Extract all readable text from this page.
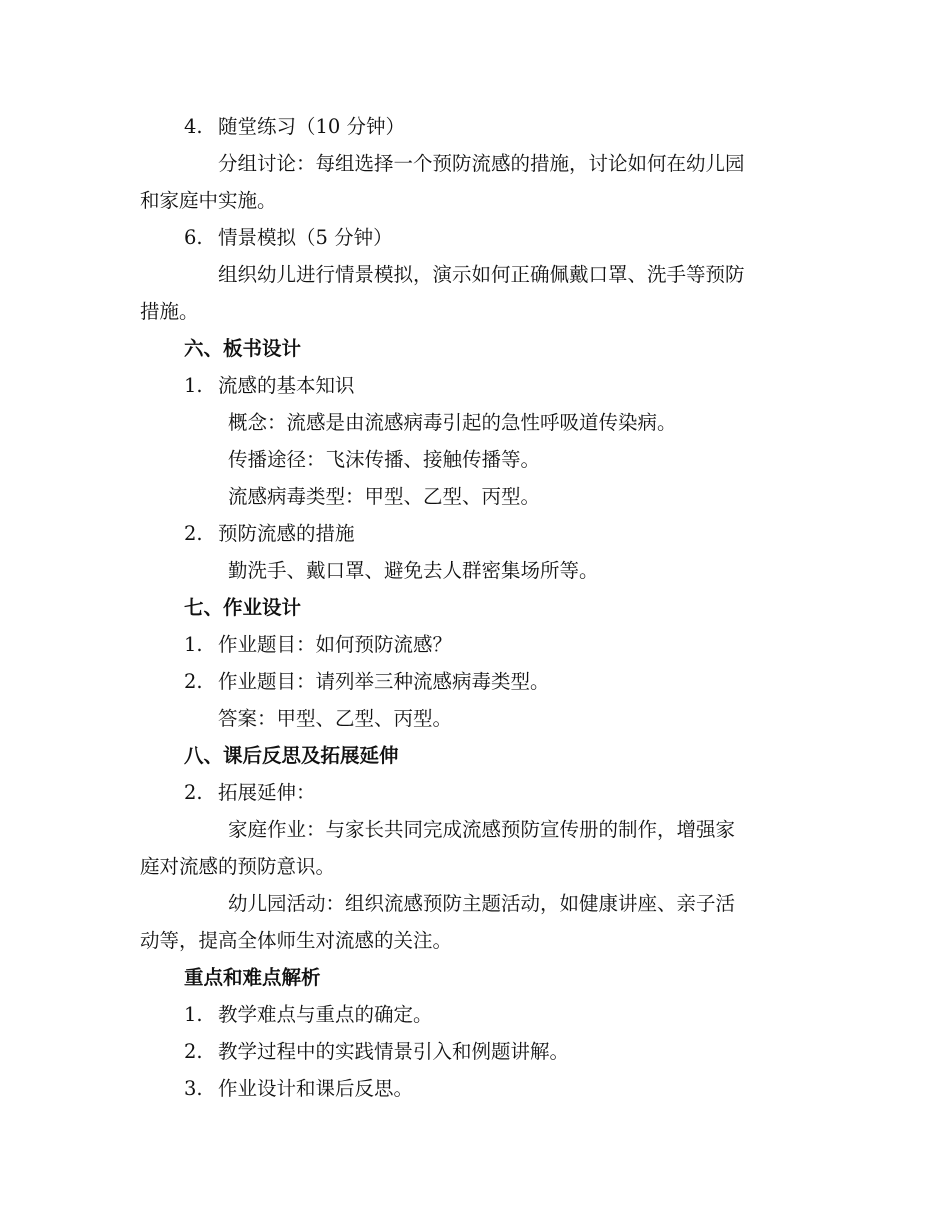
4. 随堂练习（10 分钟）
分组讨论：每组选择一个预防流感的措施，讨论如何在幼儿园
和家庭中实施。
6. 情景模拟（5 分钟）
组织幼儿进行情景模拟，演示如何正确佩戴口罩、洗手等预防
措施。
六、板书设计
1. 流感的基本知识
概念：流感是由流感病毒引起的急性呼吸道传染病。
传播途径：飞沫传播、接触传播等。
流感病毒类型：甲型、乙型、丙型。
2. 预防流感的措施
勤洗手、戴口罩、避免去人群密集场所等。
七、作业设计
1. 作业题目：如何预防流感？
2. 作业题目：请列举三种流感病毒类型。
答案：甲型、乙型、丙型。
八、课后反思及拓展延伸
2. 拓展延伸：
家庭作业：与家长共同完成流感预防宣传册的制作，增强家
庭对流感的预防意识。
幼儿园活动：组织流感预防主题活动，如健康讲座、亲子活
动等，提高全体师生对流感的关注。
重点和难点解析
1. 教学难点与重点的确定。
2. 教学过程中的实践情景引入和例题讲解。
3. 作业设计和课后反思。
